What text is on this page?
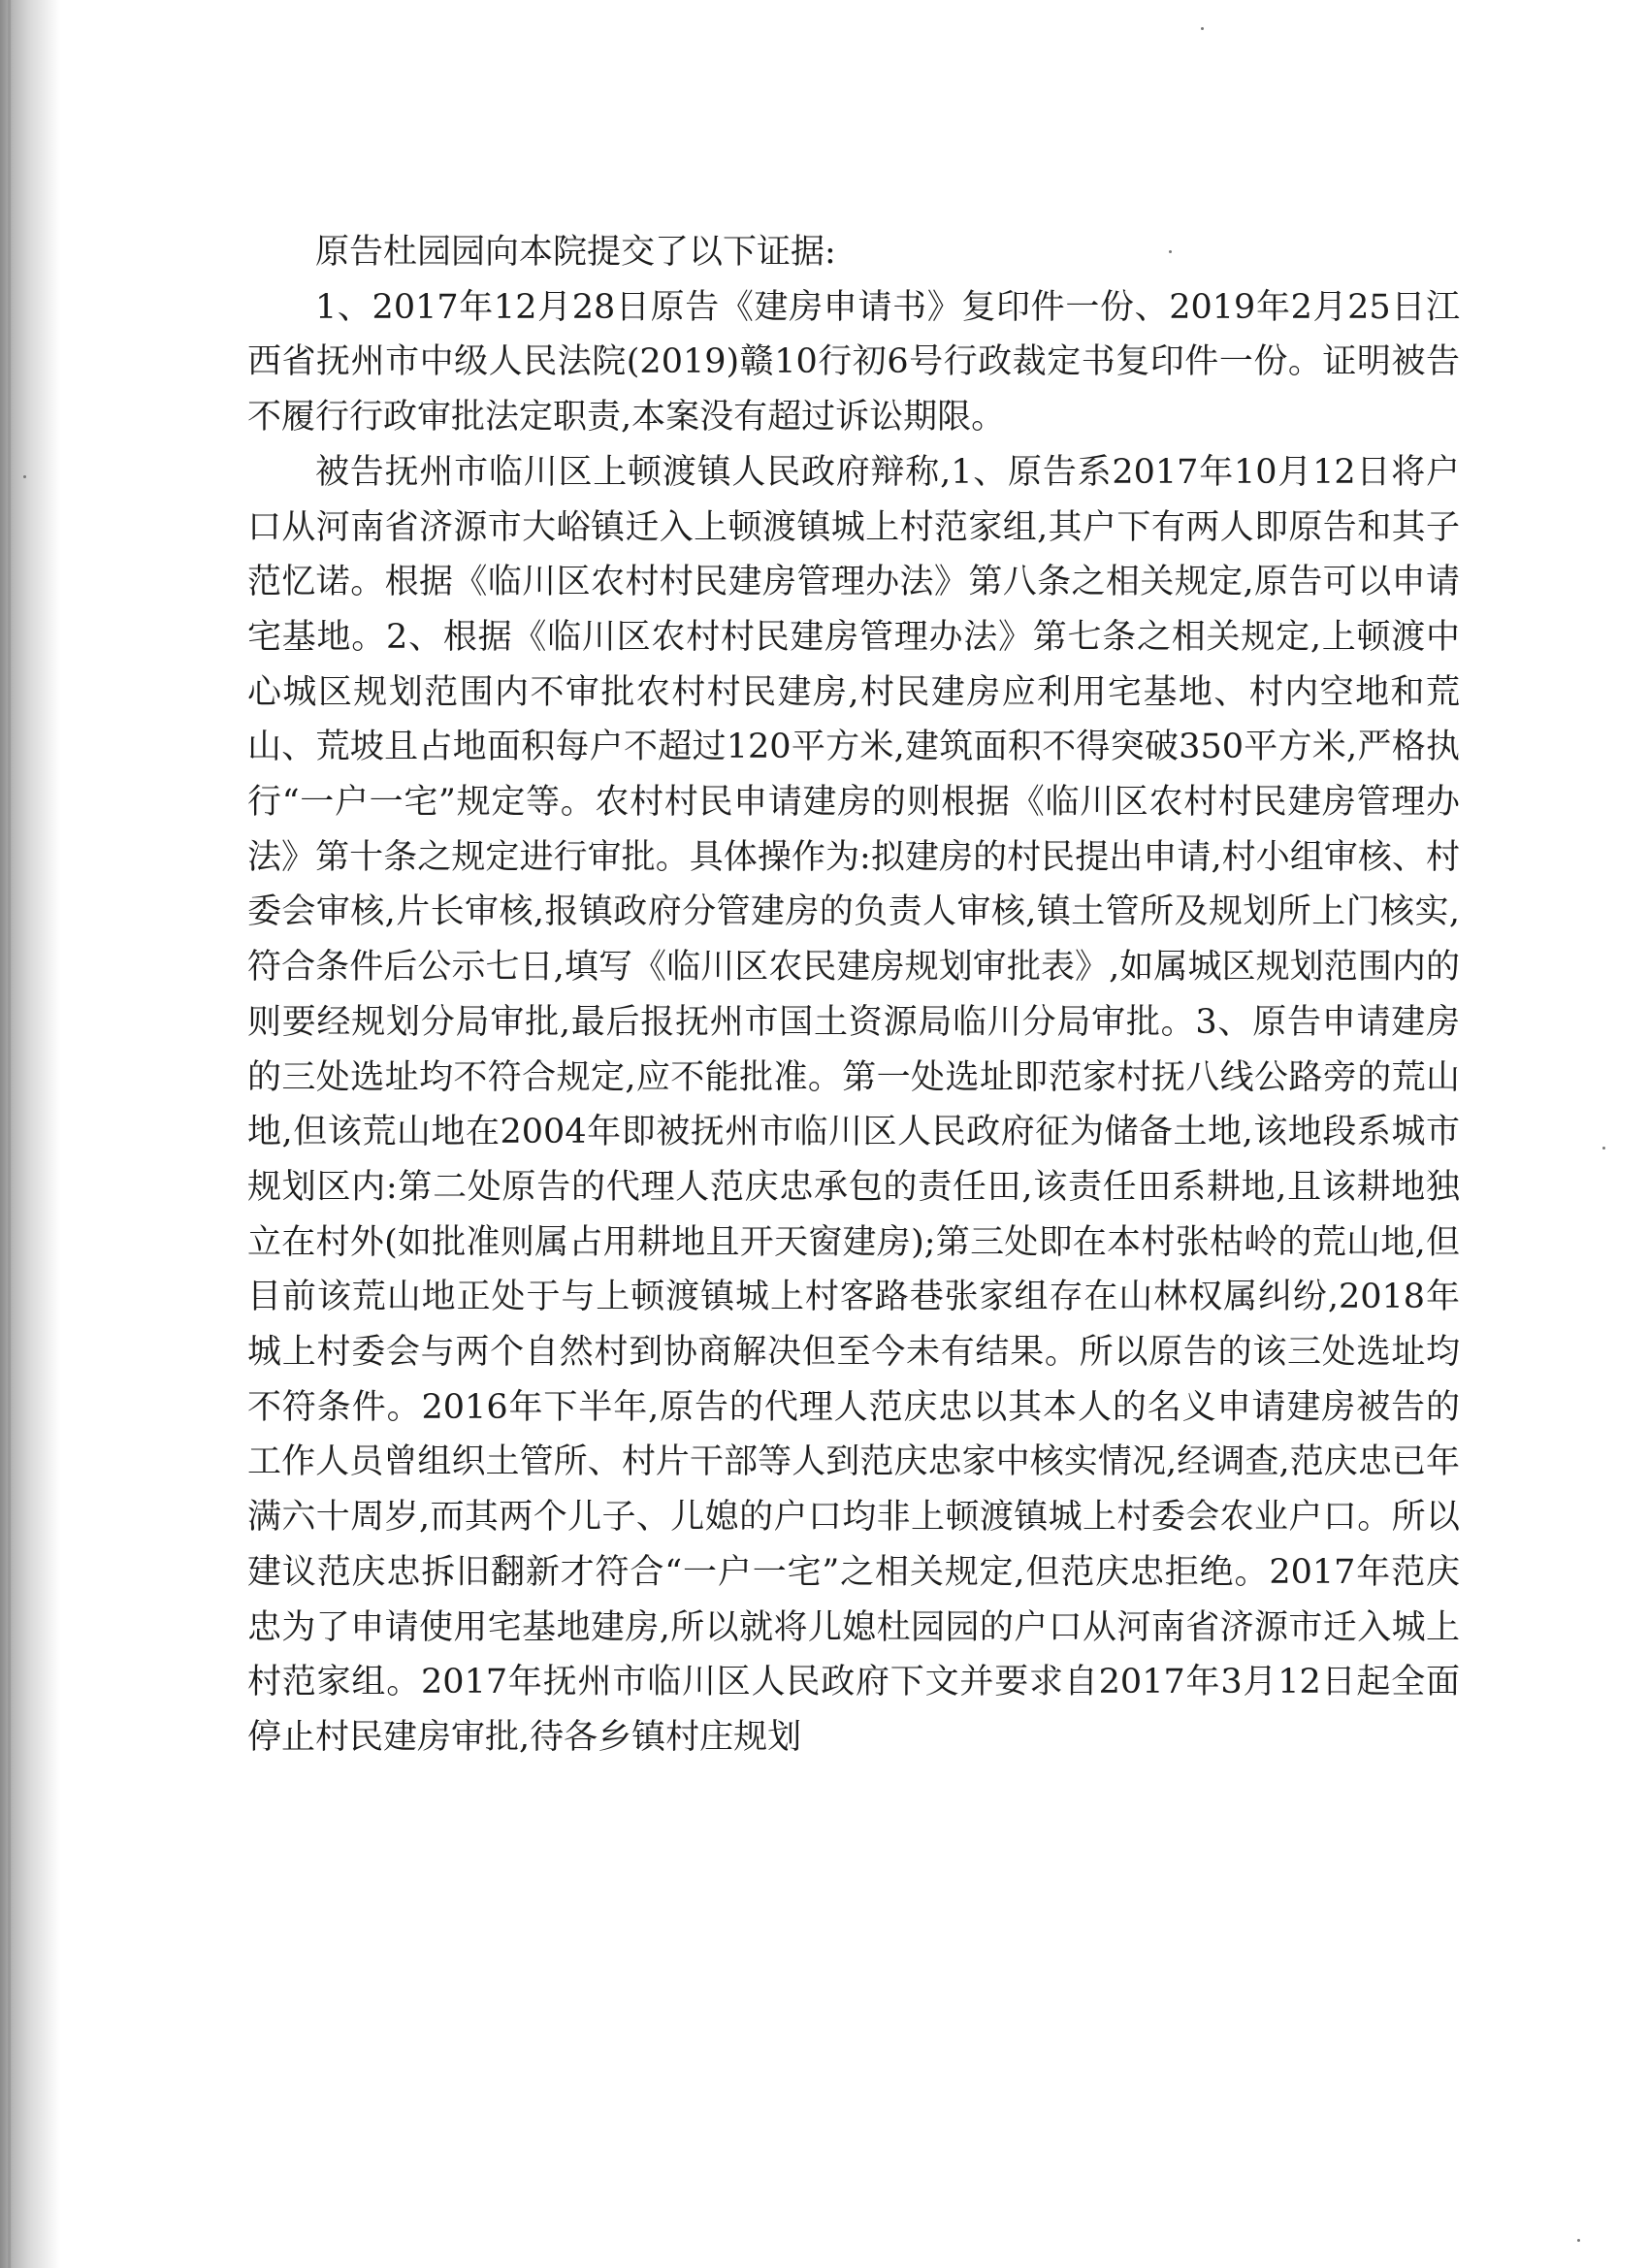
原告杜园园向本院提交了以下证据:

1、2017年12月28日原告《建房申请书》复印件一份、2019年2月25日江西省抚州市中级人民法院(2019)赣10行初6号行政裁定书复印件一份。证明被告不履行行政审批法定职责,本案没有超过诉讼期限。

被告抚州市临川区上顿渡镇人民政府辩称,1、原告系2017年10月12日将户口从河南省济源市大峪镇迁入上顿渡镇城上村范家组,其户下有两人即原告和其子范忆诺。根据《临川区农村村民建房管理办法》第八条之相关规定,原告可以申请宅基地。2、根据《临川区农村村民建房管理办法》第七条之相关规定,上顿渡中心城区规划范围内不审批农村村民建房,村民建房应利用宅基地、村内空地和荒山、荒坡且占地面积每户不超过120平方米,建筑面积不得突破350平方米,严格执行“一户一宅”规定等。农村村民申请建房的则根据《临川区农村村民建房管理办法》第十条之规定进行审批。具体操作为:拟建房的村民提出申请,村小组审核、村委会审核,片长审核,报镇政府分管建房的负责人审核,镇土管所及规划所上门核实,符合条件后公示七日,填写《临川区农民建房规划审批表》,如属城区规划范围内的则要经规划分局审批,最后报抚州市国土资源局临川分局审批。3、原告申请建房的三处选址均不符合规定,应不能批准。第一处选址即范家村抚八线公路旁的荒山地,但该荒山地在2004年即被抚州市临川区人民政府征为储备土地,该地段系城市规划区内:第二处原告的代理人范庆忠承包的责任田,该责任田系耕地,且该耕地独立在村外(如批准则属占用耕地且开天窗建房);第三处即在本村张枯岭的荒山地,但目前该荒山地正处于与上顿渡镇城上村客路巷张家组存在山林权属纠纷,2018年城上村委会与两个自然村到协商解决但至今未有结果。所以原告的该三处选址均不符条件。2016年下半年,原告的代理人范庆忠以其本人的名义申请建房被告的工作人员曾组织土管所、村片干部等人到范庆忠家中核实情况,经调查,范庆忠已年满六十周岁,而其两个儿子、儿媳的户口均非上顿渡镇城上村委会农业户口。所以建议范庆忠拆旧翻新才符合“一户一宅”之相关规定,但范庆忠拒绝。2017年范庆忠为了申请使用宅基地建房,所以就将儿媳杜园园的户口从河南省济源市迁入城上村范家组。2017年抚州市临川区人民政府下文并要求自2017年3月12日起全面停止村民建房审批,待各乡镇村庄规划
